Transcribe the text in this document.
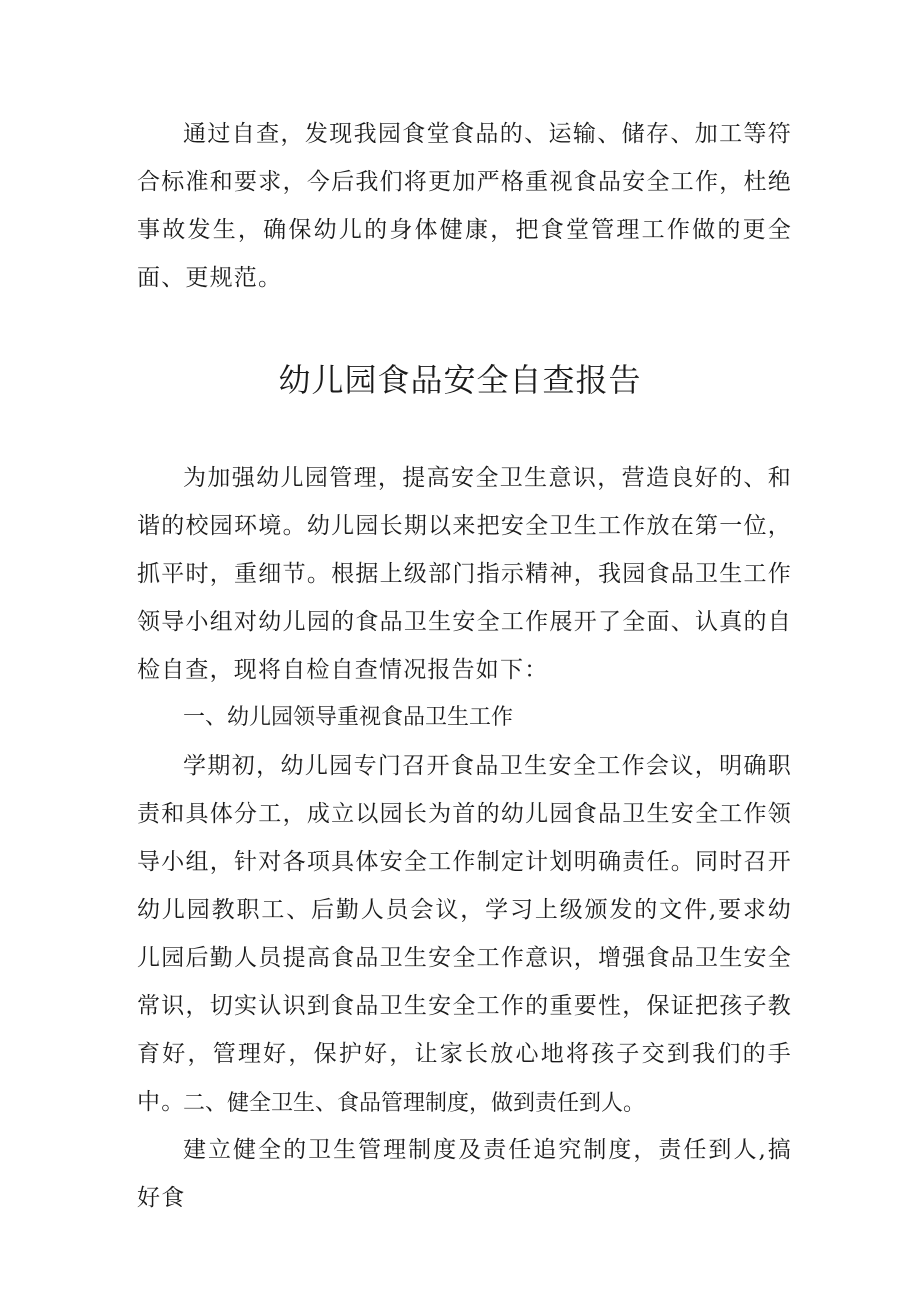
通过自查，发现我园食堂食品的、运输、储存、加工等符合标准和要求，今后我们将更加严格重视食品安全工作，杜绝事故发生，确保幼儿的身体健康，把食堂管理工作做的更全面、更规范。

幼儿园食品安全自查报告

为加强幼儿园管理，提高安全卫生意识，营造良好的、和谐的校园环境。幼儿园长期以来把安全卫生工作放在第一位，抓平时，重细节。根据上级部门指示精神，我园食品卫生工作领导小组对幼儿园的食品卫生安全工作展开了全面、认真的自检自查，现将自检自查情况报告如下：

一、幼儿园领导重视食品卫生工作

学期初，幼儿园专门召开食品卫生安全工作会议，明确职责和具体分工，成立以园长为首的幼儿园食品卫生安全工作领导小组，针对各项具体安全工作制定计划明确责任。同时召开幼儿园教职工、后勤人员会议，学习上级颁发的文件,要求幼儿园后勤人员提高食品卫生安全工作意识，增强食品卫生安全常识，切实认识到食品卫生安全工作的重要性，保证把孩子教育好，管理好，保护好，让家长放心地将孩子交到我们的手中。

二、健全卫生、食品管理制度，做到责任到人。

建立健全的卫生管理制度及责任追究制度，责任到人,搞好食
